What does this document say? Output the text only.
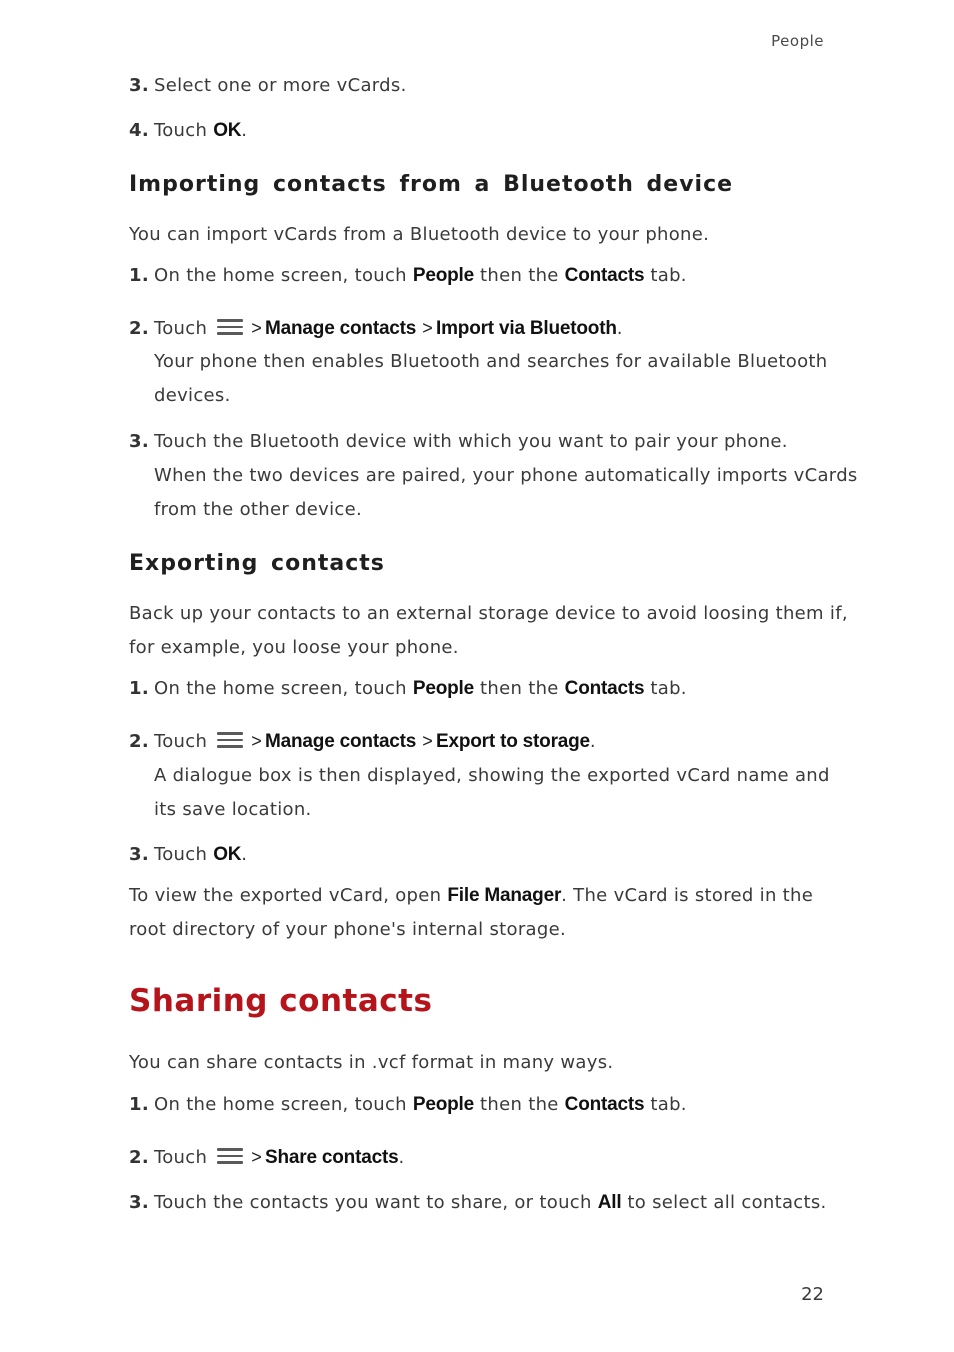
People
3. Select one or more vCards.
4. Touch OK.
Importing contacts from a Bluetooth device
You can import vCards from a Bluetooth device to your phone.
1. On the home screen, touch People then the Contacts tab.
2. Touch > Manage contacts > Import via Bluetooth.
Your phone then enables Bluetooth and searches for available Bluetooth
devices.
3. Touch the Bluetooth device with which you want to pair your phone.
When the two devices are paired, your phone automatically imports vCards
from the other device.
Exporting contacts
Back up your contacts to an external storage device to avoid loosing them if,
for example, you loose your phone.
1. On the home screen, touch People then the Contacts tab.
2. Touch > Manage contacts > Export to storage.
A dialogue box is then displayed, showing the exported vCard name and
its save location.
3. Touch OK.
To view the exported vCard, open File Manager. The vCard is stored in the
root directory of your phone's internal storage.
Sharing contacts
You can share contacts in .vcf format in many ways.
1. On the home screen, touch People then the Contacts tab.
2. Touch > Share contacts.
3. Touch the contacts you want to share, or touch All to select all contacts.
22
